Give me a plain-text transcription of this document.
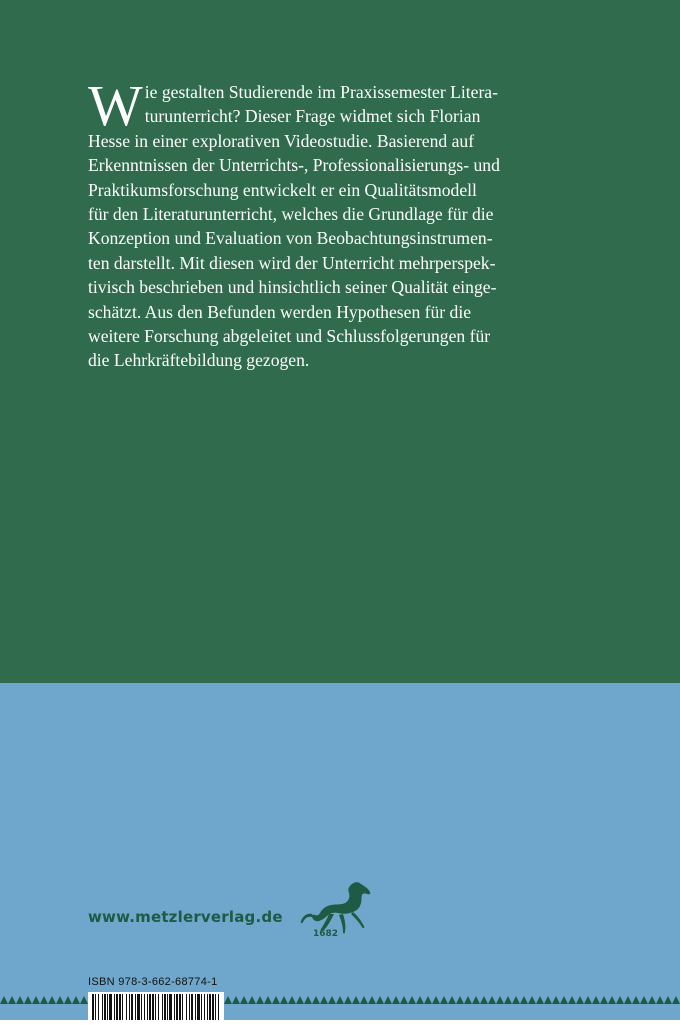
W ie gestalten Studierende im Praxissemester Litera-
turunterricht? Dieser Frage widmet sich Florian
Hesse in einer explorativen Videostudie. Basierend auf
Erkenntnissen der Unterrichts-, Professionalisierungs- und
Praktikumsforschung entwickelt er ein Qualitätsmodell
für den Literaturunterricht, welches die Grundlage für die
Konzeption und Evaluation von Beobachtungsinstrumen-
ten darstellt. Mit diesen wird der Unterricht mehrperspek-
tivisch beschrieben und hinsichtlich seiner Qualität einge-
schätzt. Aus den Befunden werden Hypothesen für die
weitere Forschung abgeleitet und Schlussfolgerungen für
die Lehrkräftebildung gezogen.
www.metzlerverlag.de
1682
ISBN 978-3-662-68774-1
